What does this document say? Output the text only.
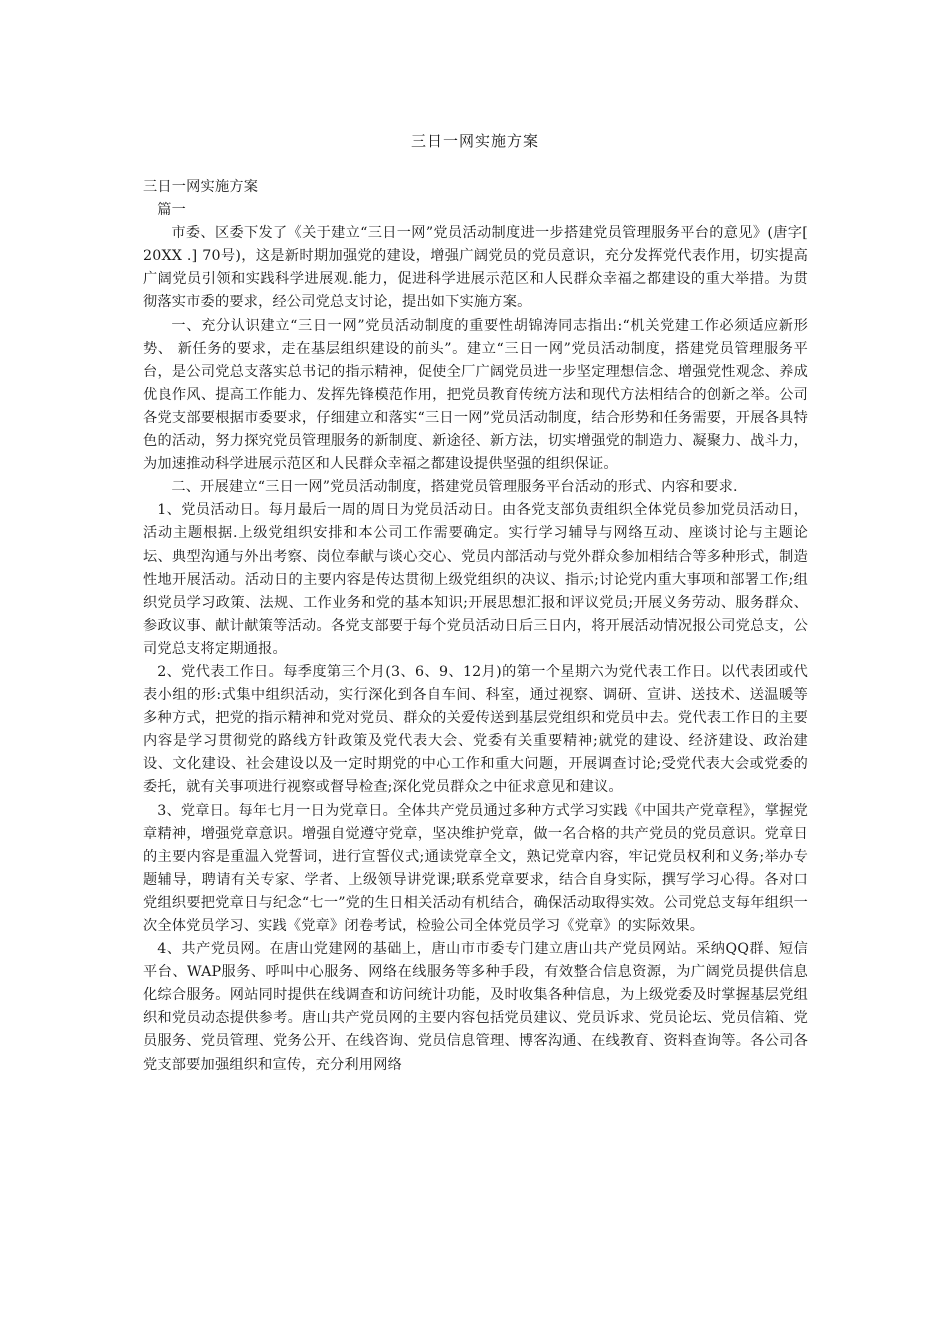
三日一网实施方案

三日一网实施方案

篇一

市委、区委下发了《关于建立“三日一网”党员活动制度进一步搭建党员管理服务平台的意见》(唐字[ 20XX .] 70号)，这是新时期加强党的建设，增强广阔党员的党员意识，充分发挥党代表作用，切实提高广阔党员引领和实践科学进展观.能力，促进科学进展示范区和人民群众幸福之都建设的重大举措。为贯彻落实市委的要求，经公司党总支讨论，提出如下实施方案。

一、充分认识建立“三日一网”党员活动制度的重要性胡锦涛同志指出:“机关党建工作必须适应新形势、 新任务的要求，走在基层组织建设的前头”。建立“三日一网”党员活动制度，搭建党员管理服务平台，是公司党总支落实总书记的指示精神，促使全厂广阔党员进一步坚定理想信念、增强党性观念、养成优良作风、提高工作能力、发挥先锋模范作用，把党员教育传统方法和现代方法相结合的创新之举。公司各党支部要根据市委要求，仔细建立和落实“三日一网”党员活动制度，结合形势和任务需要，开展各具特色的活动，努力探究党员管理服务的新制度、新途径、新方法，切实增强党的制造力、凝聚力、战斗力，为加速推动科学进展示范区和人民群众幸福之都建设提供坚强的组织保证。

二、开展建立“三日一网”党员活动制度，搭建党员管理服务平台活动的形式、内容和要求.

1、党员活动日。每月最后一周的周日为党员活动日。由各党支部负责组织全体党员参加党员活动日，活动主题根据.上级党组织安排和本公司工作需要确定。实行学习辅导与网络互动、座谈讨论与主题论坛、典型沟通与外出考察、岗位奉献与谈心交心、党员内部活动与党外群众参加相结合等多种形式，制造性地开展活动。活动日的主要内容是传达贯彻上级党组织的决议、指示;讨论党内重大事项和部署工作;组织党员学习政策、法规、工作业务和党的基本知识;开展思想汇报和评议党员;开展义务劳动、服务群众、参政议事、献计献策等活动。各党支部要于每个党员活动日后三日内，将开展活动情况报公司党总支，公司党总支将定期通报。

2、党代表工作日。每季度第三个月(3、6、9、12月)的第一个星期六为党代表工作日。以代表团或代表小组的形:式集中组织活动，实行深化到各自车间、科室，通过视察、调研、宣讲、送技术、送温暖等多种方式，把党的指示精神和党对党员、群众的关爱传送到基层党组织和党员中去。党代表工作日的主要内容是学习贯彻党的路线方针政策及党代表大会、党委有关重要精神;就党的建设、经济建设、政治建设、文化建设、社会建设以及一定时期党的中心工作和重大问题，开展调查讨论;受党代表大会或党委的委托，就有关事项进行视察或督导检查;深化党员群众之中征求意见和建议。

3、党章日。每年七月一日为党章日。全体共产党员通过多种方式学习实践《中国共产党章程》，掌握党章精神，增强党章意识。增强自觉遵守党章，坚决维护党章，做一名合格的共产党员的党员意识。党章日的主要内容是重温入党誓词，进行宣誓仪式;通读党章全文，熟记党章内容，牢记党员权利和义务;举办专题辅导，聘请有关专家、学者、上级领导讲党课;联系党章要求，结合自身实际，撰写学习心得。各对口党组织要把党章日与纪念“七一”党的生日相关活动有机结合，确保活动取得实效。公司党总支每年组织一次全体党员学习、实践《党章》闭卷考试，检验公司全体党员学习《党章》的实际效果。

4、共产党员网。在唐山党建网的基础上，唐山市市委专门建立唐山共产党员网站。采纳QQ群、短信平台、WAP服务、呼叫中心服务、网络在线服务等多种手段，有效整合信息资源，为广阔党员提供信息化综合服务。网站同时提供在线调查和访问统计功能，及时收集各种信息，为上级党委及时掌握基层党组织和党员动态提供参考。唐山共产党员网的主要内容包括党员建议、党员诉求、党员论坛、党员信箱、党员服务、党员管理、党务公开、在线咨询、党员信息管理、博客沟通、在线教育、资料查询等。各公司各党支部要加强组织和宣传，充分利用网络
